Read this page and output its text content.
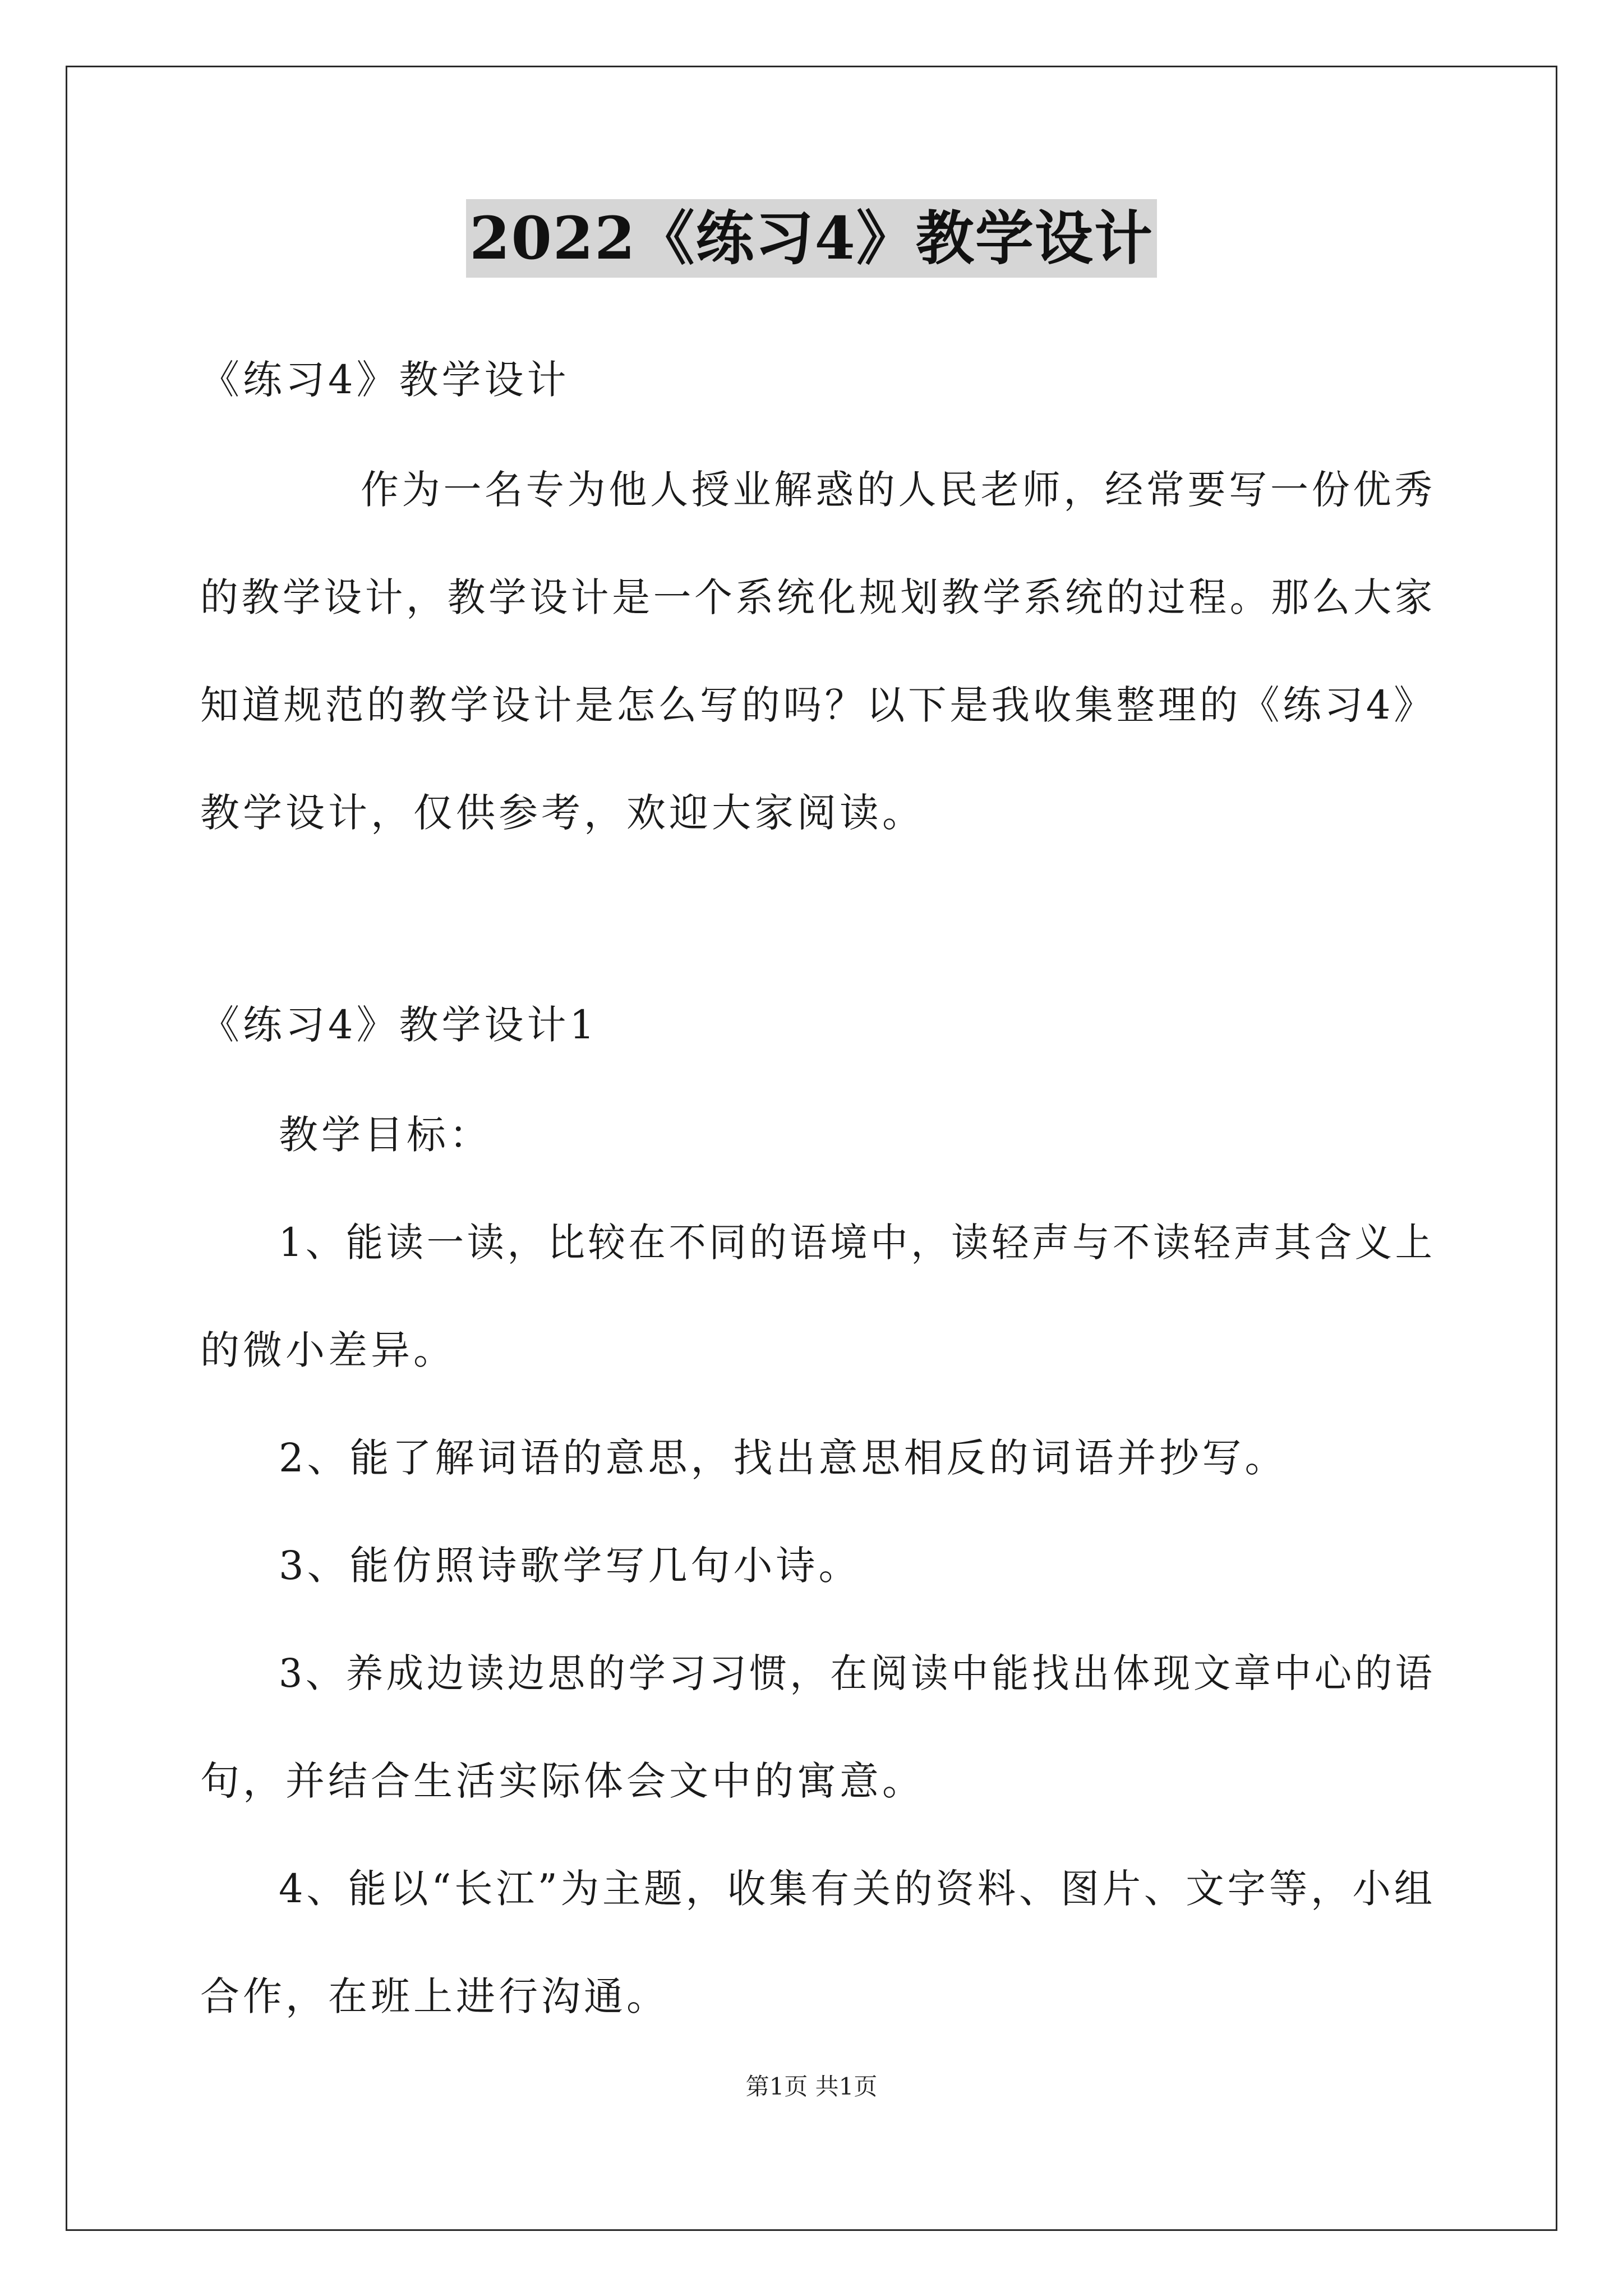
2022《练习4》教学设计
《练习4》教学设计
作为一名专为他人授业解惑的人民老师，经常要写一份优秀
的教学设计，教学设计是一个系统化规划教学系统的过程。那么大家
知道规范的教学设计是怎么写的吗？以下是我收集整理的《练习4》
教学设计，仅供参考，欢迎大家阅读。
《练习4》教学设计1
教学目标：
1、能读一读，比较在不同的语境中，读轻声与不读轻声其含义上
的微小差异。
2、能了解词语的意思，找出意思相反的词语并抄写。
3、能仿照诗歌学写几句小诗。
3、养成边读边思的学习习惯，在阅读中能找出体现文章中心的语
句，并结合生活实际体会文中的寓意。
4、能以“长江”为主题，收集有关的资料、图片、文字等，小组
合作，在班上进行沟通。
第1页 共1页
